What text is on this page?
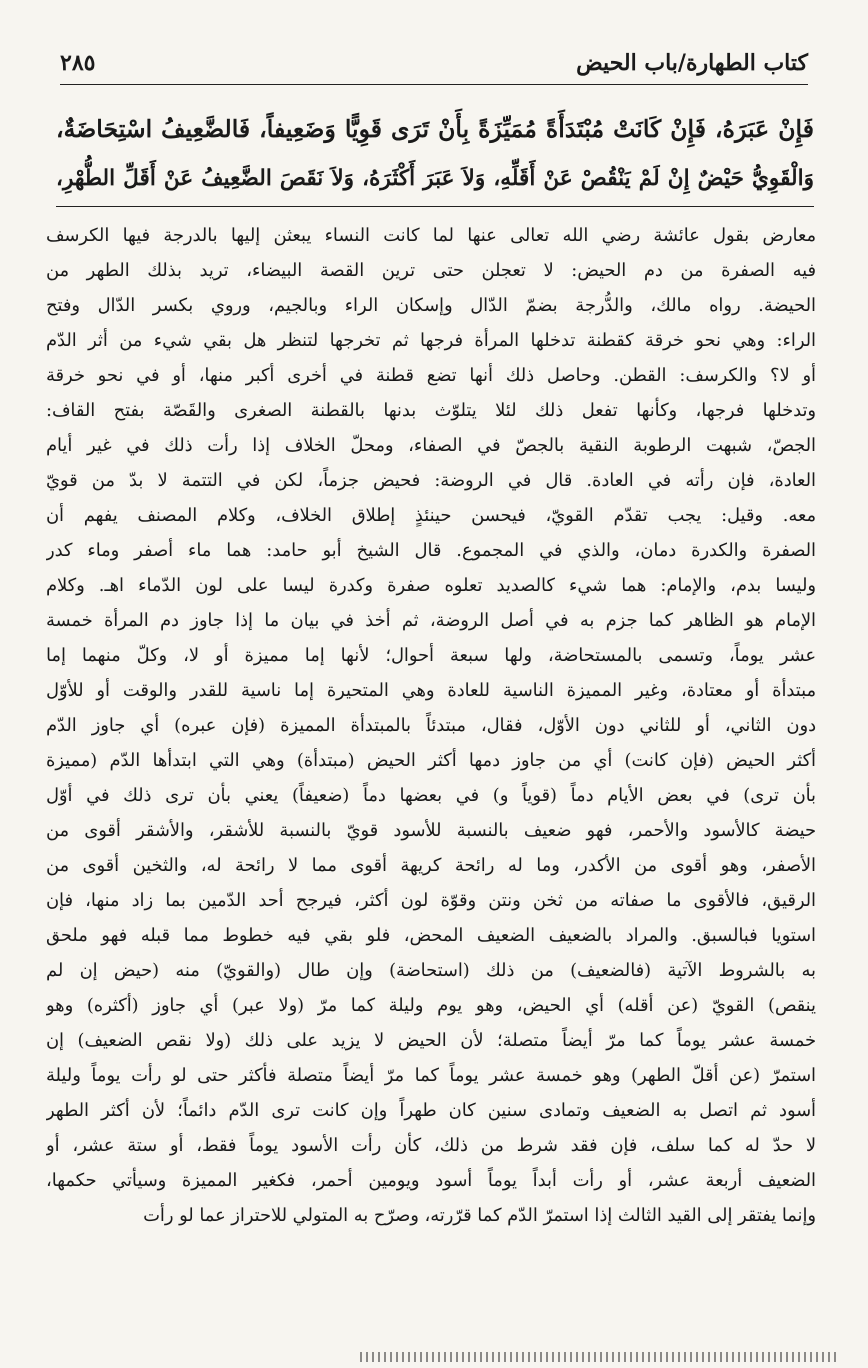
كتاب الطهارة/باب الحيض
٢٨٥
فَإِنْ عَبَرَهُ، فَإِنْ كَانَتْ مُبْتَدَأَةً مُمَيِّزَةً بِأَنْ تَرَى قَوِيًّا وَضَعِيفاً، فَالضَّعِيفُ اسْتِحَاضَةٌ،
وَالْقَوِيُّ حَيْضٌ إِنْ لَمْ يَنْقُصْ عَنْ أَقَلِّهِ، وَلاَ عَبَرَ أَكْثَرَهُ، وَلاَ نَقَصَ الضَّعِيفُ عَنْ أَقَلِّ الطُّهْرِ،
معارض بقول عائشة رضي الله تعالى عنها لما كانت النساء يبعثن إليها بالدرجة فيها الكرسف
فيه الصفرة من دم الحيض: لا تعجلن حتى ترين القصة البيضاء، تريد بذلك الطهر من
الحيضة. رواه مالك، والدُّرجة بضمّ الدّال وإسكان الراء وبالجيم، وروي بكسر الدّال وفتح
الراء: وهي نحو خرقة كقطنة تدخلها المرأة فرجها ثم تخرجها لتنظر هل بقي شيء من أثر الدّم
أو لا؟ والكرسف: القطن. وحاصل ذلك أنها تضع قطنة في أخرى أكبر منها، أو في نحو خرقة
وتدخلها فرجها، وكأنها تفعل ذلك لئلا يتلوّث بدنها بالقطنة الصغرى والقَصّة بفتح القاف:
الجصّ، شبهت الرطوبة النقية بالجصّ في الصفاء، ومحلّ الخلاف إذا رأت ذلك في غير أيام
العادة، فإن رأته في العادة. قال في الروضة: فحيض جزماً، لكن في التتمة لا بدّ من قويّ
معه. وقيل: يجب تقدّم القويّ، فيحسن حينئذٍ إطلاق الخلاف، وكلام المصنف يفهم أن
الصفرة والكدرة دمان، والذي في المجموع. قال الشيخ أبو حامد: هما ماء أصفر وماء كدر
وليسا بدم، والإمام: هما شيء كالصديد تعلوه صفرة وكدرة ليسا على لون الدّماء اهـ. وكلام
الإمام هو الظاهر كما جزم به في أصل الروضة، ثم أخذ في بيان ما إذا جاوز دم المرأة خمسة
عشر يوماً، وتسمى بالمستحاضة، ولها سبعة أحوال؛ لأنها إما مميزة أو لا، وكلّ منهما إما
مبتدأة أو معتادة، وغير المميزة الناسية للعادة وهي المتحيرة إما ناسية للقدر والوقت أو للأوّل
دون الثاني، أو للثاني دون الأوّل، فقال، مبتدئاً بالمبتدأة المميزة (فإن عبره) أي جاوز الدّم
أكثر الحيض (فإن كانت) أي من جاوز دمها أكثر الحيض (مبتدأة) وهي التي ابتدأها الدّم (مميزة
بأن ترى) في بعض الأيام دماً (قوياً و) في بعضها دماً (ضعيفاً) يعني بأن ترى ذلك في أوّل
حيضة كالأسود والأحمر، فهو ضعيف بالنسبة للأسود قويّ بالنسبة للأشقر، والأشقر أقوى من
الأصفر، وهو أقوى من الأكدر، وما له رائحة كريهة أقوى مما لا رائحة له، والثخين أقوى من
الرقيق، فالأقوى ما صفاته من ثخن ونتن وقوّة لون أكثر، فيرجح أحد الدّمين بما زاد منها، فإن
استويا فبالسبق. والمراد بالضعيف الضعيف المحض، فلو بقي فيه خطوط مما قبله فهو ملحق
به بالشروط الآتية (فالضعيف) من ذلك (استحاضة) وإن طال (والقويّ) منه (حيض إن لم
ينقص) القويّ (عن أقله) أي الحيض، وهو يوم وليلة كما مرّ (ولا عبر) أي جاوز (أكثره) وهو
خمسة عشر يوماً كما مرّ أيضاً متصلة؛ لأن الحيض لا يزيد على ذلك (ولا نقص الضعيف) إن
استمرّ (عن أقلّ الطهر) وهو خمسة عشر يوماً كما مرّ أيضاً متصلة فأكثر حتى لو رأت يوماً وليلة
أسود ثم اتصل به الضعيف وتمادى سنين كان طهراً وإن كانت ترى الدّم دائماً؛ لأن أكثر الطهر
لا حدّ له كما سلف، فإن فقد شرط من ذلك، كأن رأت الأسود يوماً فقط، أو ستة عشر، أو
الضعيف أربعة عشر، أو رأت أبداً يوماً أسود ويومين أحمر، فكغير المميزة وسيأتي حكمها،
وإنما يفتقر إلى القيد الثالث إذا استمرّ الدّم كما قرّرته، وصرّح به المتولي للاحتراز عما لو رأت
